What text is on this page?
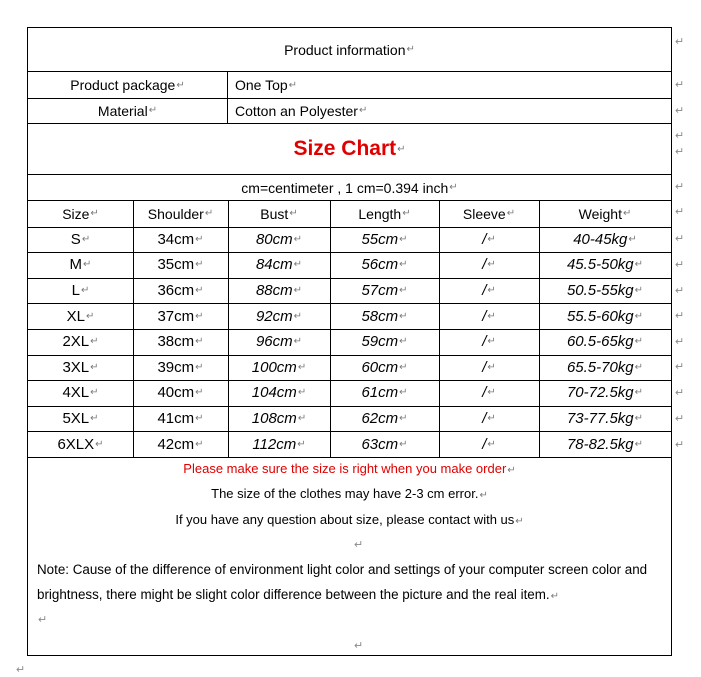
Product information ↵
Product package ↵	One Top ↵
Material ↵	Cotton an Polyester ↵
Size Chart ↵
cm=centimeter , 1 cm=0.394 inch ↵
Size ↵	Shoulder ↵	Bust ↵	Length ↵	Sleeve ↵	Weight ↵
S ↵	34cm ↵	80cm ↵	55cm ↵	/ ↵	40-45kg ↵
M ↵	35cm ↵	84cm ↵	56cm ↵	/ ↵	45.5-50kg ↵
L ↵	36cm ↵	88cm ↵	57cm ↵	/ ↵	50.5-55kg ↵
XL ↵	37cm ↵	92cm ↵	58cm ↵	/ ↵	55.5-60kg ↵
2XL ↵	38cm ↵	96cm ↵	59cm ↵	/ ↵	60.5-65kg ↵
3XL ↵	39cm ↵	100cm ↵	60cm ↵	/ ↵	65.5-70kg ↵
4XL ↵	40cm ↵	104cm ↵	61cm ↵	/ ↵	70-72.5kg ↵
5XL ↵	41cm ↵	108cm ↵	62cm ↵	/ ↵	73-77.5kg ↵
6XLX ↵	42cm ↵	112cm ↵	63cm ↵	/ ↵	78-82.5kg ↵
Please make sure the size is right when you make order↵
The size of the clothes may have 2-3 cm error.↵
If you have any question about size, please contact with us↵
↵
Note: Cause of the difference of environment light color and settings of your computer screen color and brightness, there might be slight color difference between the picture and the real item.↵
↵
↵
↵
↵
↵
↵
↵
↵
↵
↵
↵
↵
↵
↵
↵
↵
↵
↵
↵
